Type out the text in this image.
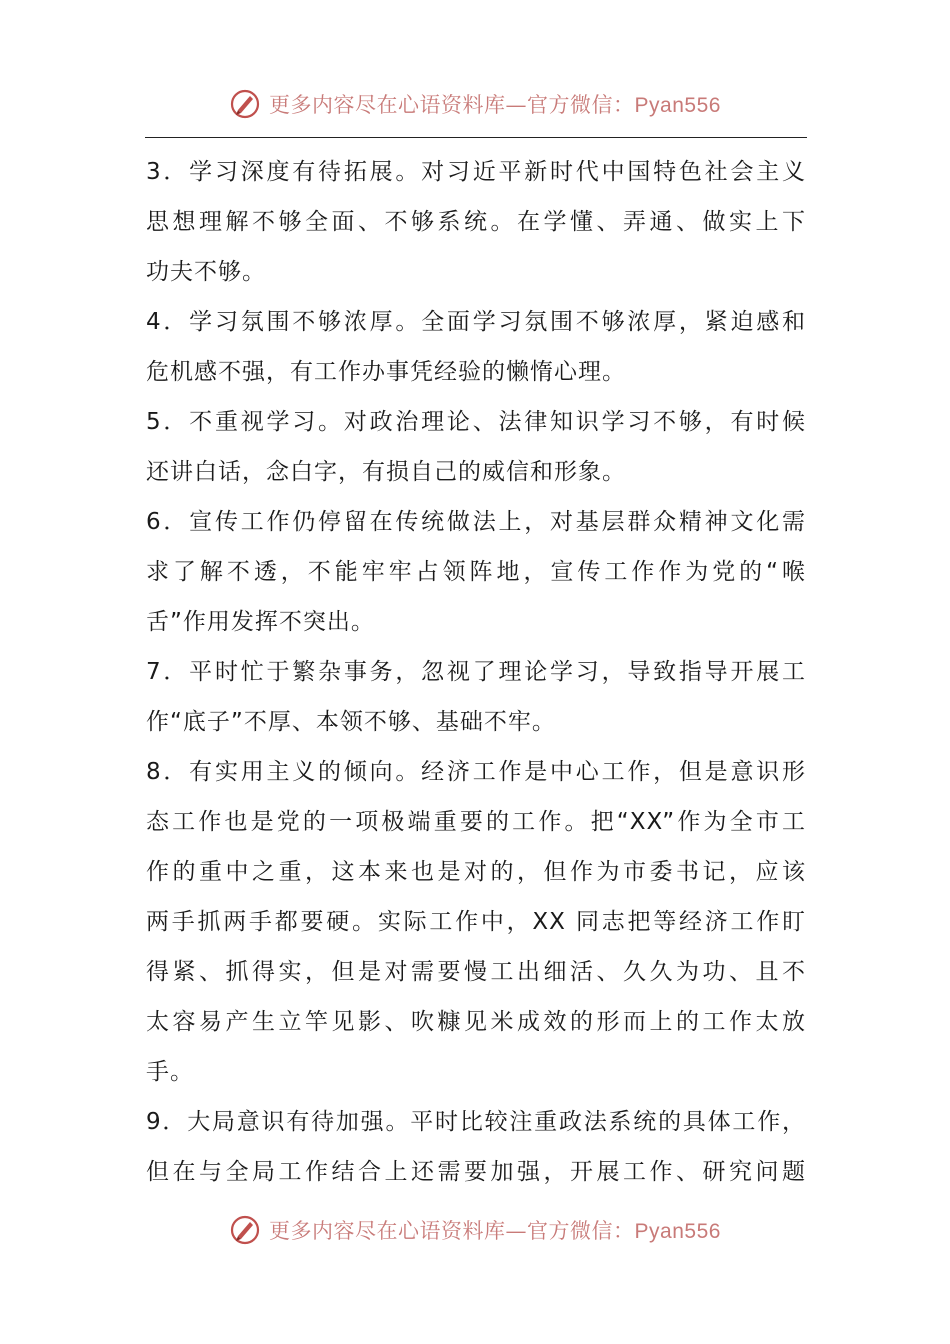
更多内容尽在心语资料库—官方微信：Pyan556
3．学习深度有待拓展。对习近平新时代中国特色社会主义
思想理解不够全面、不够系统。在学懂、弄通、做实上下
功夫不够。
4．学习氛围不够浓厚。全面学习氛围不够浓厚，紧迫感和
危机感不强，有工作办事凭经验的懒惰心理。
5．不重视学习。对政治理论、法律知识学习不够，有时候
还讲白话，念白字，有损自己的威信和形象。
6．宣传工作仍停留在传统做法上，对基层群众精神文化需
求了解不透，不能牢牢占领阵地，宣传工作作为党的“喉
舌”作用发挥不突出。
7．平时忙于繁杂事务，忽视了理论学习，导致指导开展工
作“底子”不厚、本领不够、基础不牢。
8．有实用主义的倾向。经济工作是中心工作，但是意识形
态工作也是党的一项极端重要的工作。把“XX”作为全市工
作的重中之重，这本来也是对的，但作为市委书记，应该
两手抓两手都要硬。实际工作中，XX 同志把等经济工作盯
得紧、抓得实，但是对需要慢工出细活、久久为功、且不
太容易产生立竿见影、吹糠见米成效的形而上的工作太放
手。
9．大局意识有待加强。平时比较注重政法系统的具体工作，
但在与全局工作结合上还需要加强，开展工作、研究问题
更多内容尽在心语资料库—官方微信：Pyan556
